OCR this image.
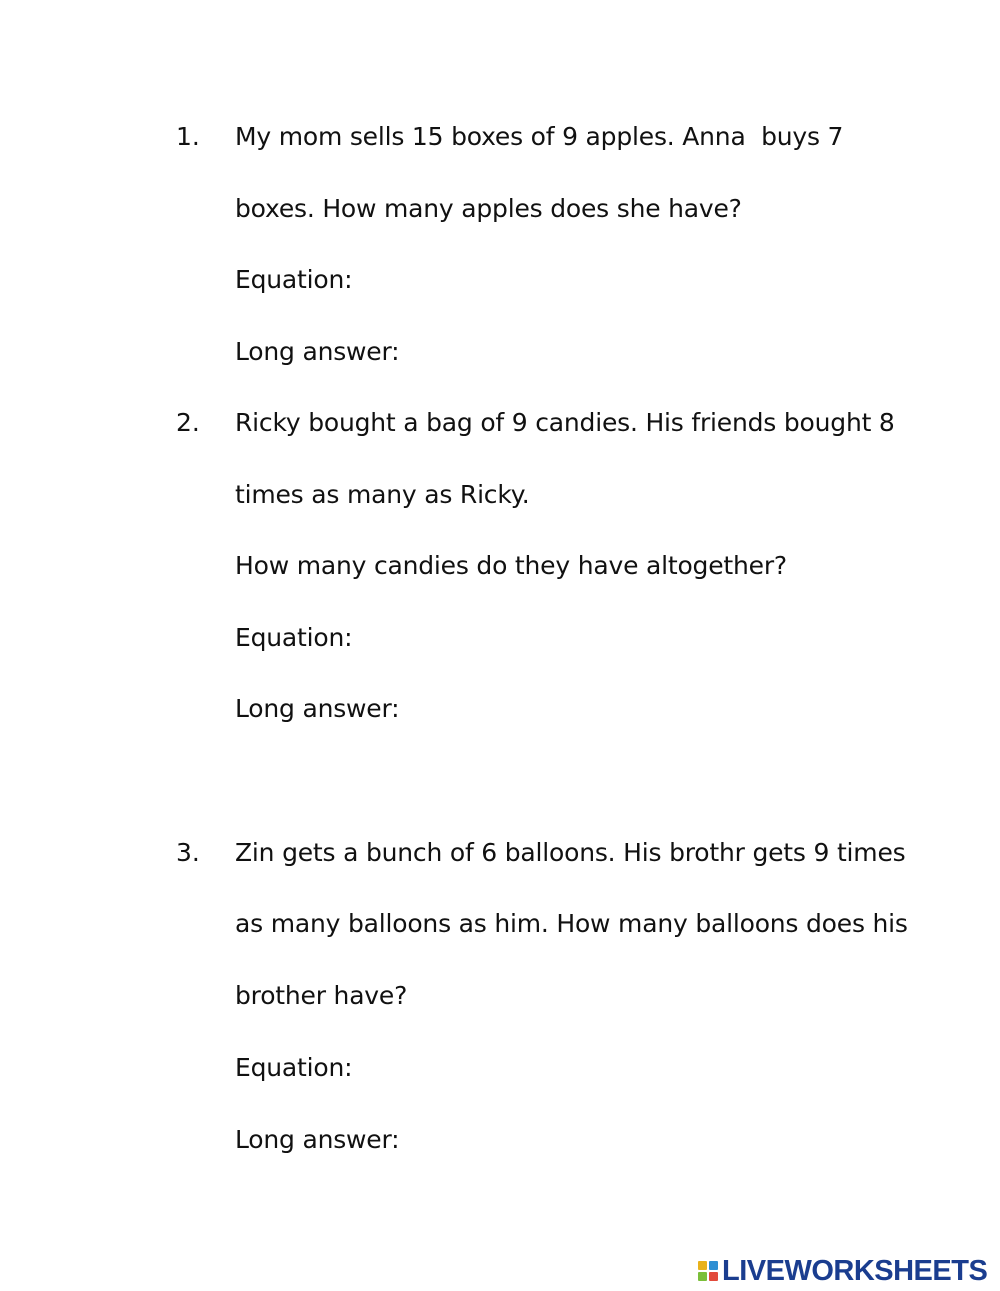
1. My mom sells 15 boxes of 9 apples. Anna  buys 7
boxes. How many apples does she have?
Equation:
Long answer:
2. Ricky bought a bag of 9 candies. His friends bought 8
times as many as Ricky.
How many candies do they have altogether?
Equation:
Long answer:
3. Zin gets a bunch of 6 balloons. His brothr gets 9 times
as many balloons as him. How many balloons does his
brother have?
Equation:
Long answer:
LIVEWORKSHEETS
